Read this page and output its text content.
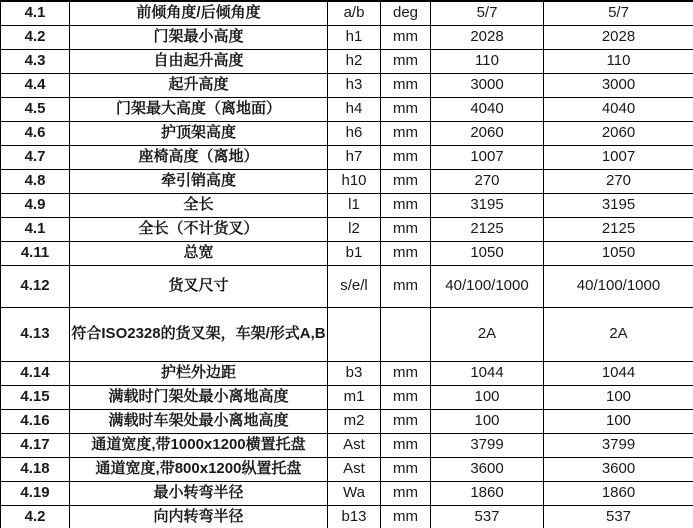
4.1	前倾角度/后倾角度	a/b	deg	5/7	5/7
4.2	门架最小高度	h1	mm	2028	2028
4.3	自由起升高度	h2	mm	110	110
4.4	起升高度	h3	mm	3000	3000
4.5	门架最大高度（离地面）	h4	mm	4040	4040
4.6	护顶架高度	h6	mm	2060	2060
4.7	座椅高度（离地）	h7	mm	1007	1007
4.8	牵引销高度	h10	mm	270	270
4.9	全长	l1	mm	3195	3195
4.1	全长（不计货叉）	l2	mm	2125	2125
4.11	总宽	b1	mm	1050	1050
4.12	货叉尺寸	s/e/l	mm	40/100/1000	40/100/1000
4.13	符合ISO2328的货叉架，车架/形式A,B			2A	2A
4.14	护栏外边距	b3	mm	1044	1044
4.15	满载时门架处最小离地高度	m1	mm	100	100
4.16	满载时车架处最小离地高度	m2	mm	100	100
4.17	通道宽度,带1000x1200横置托盘	Ast	mm	3799	3799
4.18	通道宽度,带800x1200纵置托盘	Ast	mm	3600	3600
4.19	最小转弯半径	Wa	mm	1860	1860
4.2	向内转弯半径	b13	mm	537	537
